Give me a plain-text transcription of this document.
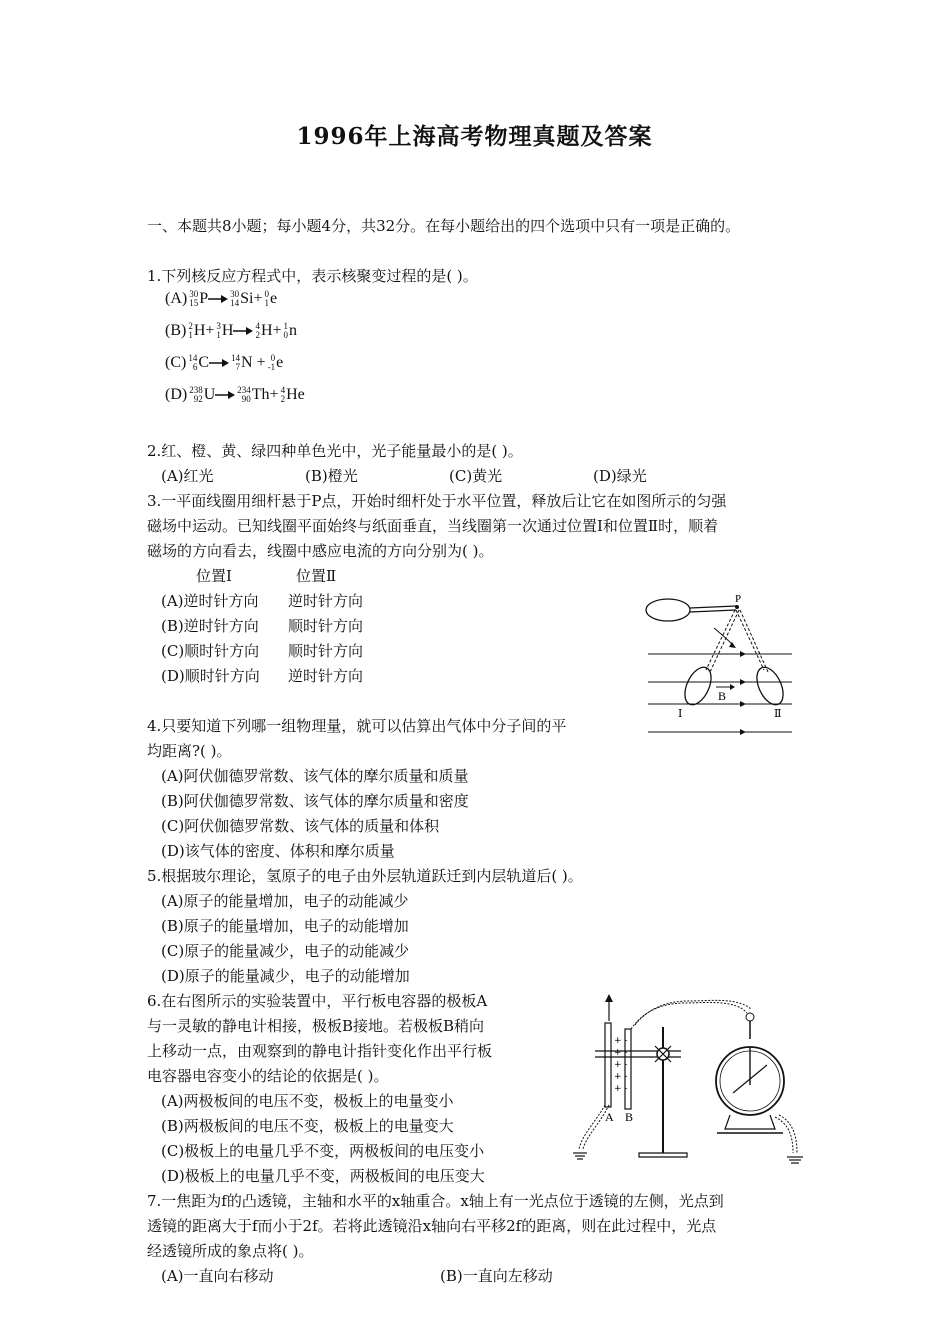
1996年上海高考物理真题及答案
一、本题共8小题；每小题4分，共32分。在每小题给出的四个选项中只有一项是正确的。
1.下列核反应方程式中，表示核聚变过程的是( )。
(A) 30
15 P→ 30
14 Si+ 0
1 e
(B) 2
1 H+ 3
1 H→ 4
2 H+ 1
0 n
(C) 14
6 C→ 14
7 N + 0
-1 e
(D) 238
92 U→ 234
90 Th+ 4
2 He
2.红、橙、黄、绿四种单色光中，光子能量最小的是( )。
(A)红光	(B)橙光	(C)黄光	(D)绿光
3.一平面线圈用细杆悬于P点，开始时细杆处于水平位置，释放后让它在如图所示的匀强
磁场中运动。已知线圈平面始终与纸面垂直，当线圈第一次通过位置Ⅰ和位置Ⅱ时，顺着
磁场的方向看去，线圈中感应电流的方向分别为( )。
位置Ⅰ	位置Ⅱ
(A)逆时针方向 逆时针方向
(B)逆时针方向 顺时针方向
(C)顺时针方向 顺时针方向
(D)顺时针方向 逆时针方向
P
B
Ⅰ	Ⅱ
4.只要知道下列哪一组物理量，就可以估算出气体中分子间的平
均距离?( )。
(A)阿伏伽德罗常数、该气体的摩尔质量和质量
(B)阿伏伽德罗常数、该气体的摩尔质量和密度
(C)阿伏伽德罗常数、该气体的质量和体积
(D)该气体的密度、体积和摩尔质量
5.根据玻尔理论，氢原子的电子由外层轨道跃迁到内层轨道后( )。
(A)原子的能量增加，电子的动能减少
(B)原子的能量增加，电子的动能增加
(C)原子的能量减少，电子的动能减少
(D)原子的能量减少，电子的动能增加
6.在右图所示的实验装置中，平行板电容器的极板A
与一灵敏的静电计相接，极板B接地。若极板B稍向
上移动一点，由观察到的静电计指针变化作出平行板
电容器电容变小的结论的依据是( )。
(A)两极板间的电压不变，极板上的电量变小
(B)两极板间的电压不变，极板上的电量变大
(C)极板上的电量几乎不变，两极板间的电压变小
(D)极板上的电量几乎不变，两极板间的电压变大
+ -
+ -
+ -
+ -
+ -
A B
7.一焦距为f的凸透镜，主轴和水平的x轴重合。x轴上有一光点位于透镜的左侧，光点到
透镜的距离大于f而小于2f。若将此透镜沿x轴向右平移2f的距离，则在此过程中，光点
经透镜所成的象点将( )。
(A)一直向右移动	(B)一直向左移动
